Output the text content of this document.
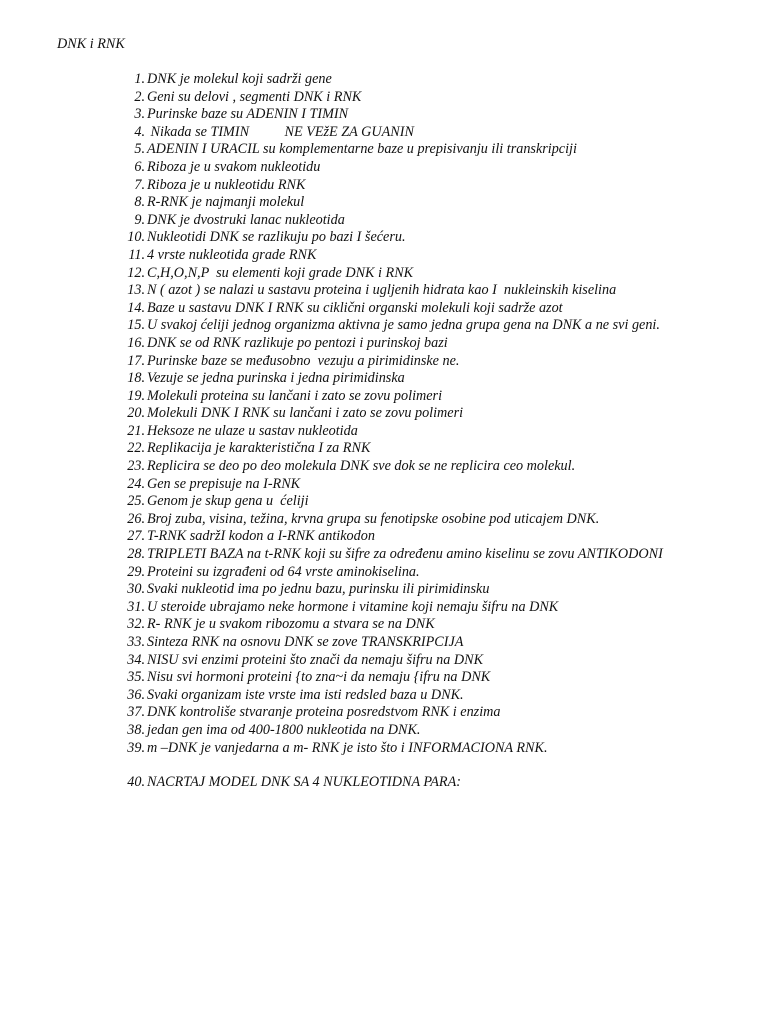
DNK i RNK
1 . DNK je molekul koji sadrži gene
2 . Geni su delovi , segmenti DNK i RNK
3 . Purinske baze su ADENIN I TIMIN
4 . Nikada se TIMIN          NE VEžE ZA GUANIN
5 . ADENIN I URACIL su komplementarne baze u prepisivanju ili transkripciji
6 . Riboza je u svakom nukleotidu
7 . Riboza je u nukleotidu RNK
8 . R-RNK je najmanji molekul
9 . DNK je dvostruki lanac nukleotida
10 . Nukleotidi DNK se razlikuju po bazi I šećeru.
11 . 4 vrste nukleotida grade RNK
12 . C,H,O,N,P  su elementi koji grade DNK i RNK
13 . N ( azot ) se nalazi u sastavu proteina i ugljenih hidrata kao I  nukleinskih kiselina
14 . Baze u sastavu DNK I RNK su ciklični organski molekuli koji sadrže azot
15 . U svakoj ćeliji jednog organizma aktivna je samo jedna grupa gena na DNK a ne svi geni.
16 . DNK se od RNK razlikuje po pentozi i purinskoj bazi
17 . Purinske baze se međusobno  vezuju a pirimidinske ne.
18 . Vezuje se jedna purinska i jedna pirimidinska
19 . Molekuli proteina su lančani i zato se zovu polimeri
20 . Molekuli DNK I RNK su lančani i zato se zovu polimeri
21 . Heksoze ne ulaze u sastav nukleotida
22 . Replikacija je karakteristična I za RNK
23 . Replicira se deo po deo molekula DNK sve dok se ne replicira ceo molekul.
24 . Gen se prepisuje na I-RNK
25 . Genom je skup gena u  ćeliji
26 . Broj zuba, visina, težina, krvna grupa su fenotipske osobine pod uticajem DNK.
27 . T-RNK sadržI kodon a I-RNK antikodon
28 . TRIPLETI BAZA na t-RNK koji su šifre za određenu amino kiselinu se zovu ANTIKODONI
29 . Proteini su izgrađeni od 64 vrste aminokiselina.
30 . Svaki nukleotid ima po jednu bazu, purinsku ili pirimidinsku
31 . U steroide ubrajamo neke hormone i vitamine koji nemaju šifru na DNK
32 . R- RNK je u svakom ribozomu a stvara se na DNK
33 . Sinteza RNK na osnovu DNK se zove TRANSKRIPCIJA
34 . NISU svi enzimi proteini što znači da nemaju šifru na DNK
35 . Nisu svi hormoni proteini {to zna~i da nemaju {ifru na DNK
36 . Svaki organizam iste vrste ima isti redsled baza u DNK.
37 . DNK kontroliše stvaranje proteina posredstvom RNK i enzima
38 . jedan gen ima od 400-1800 nukleotida na DNK.
39 . m –DNK je vanjedarna a m- RNK je isto što i INFORMACIONA RNK.
40 . NACRTAJ MODEL DNK SA 4 NUKLEOTIDNA PARA:
